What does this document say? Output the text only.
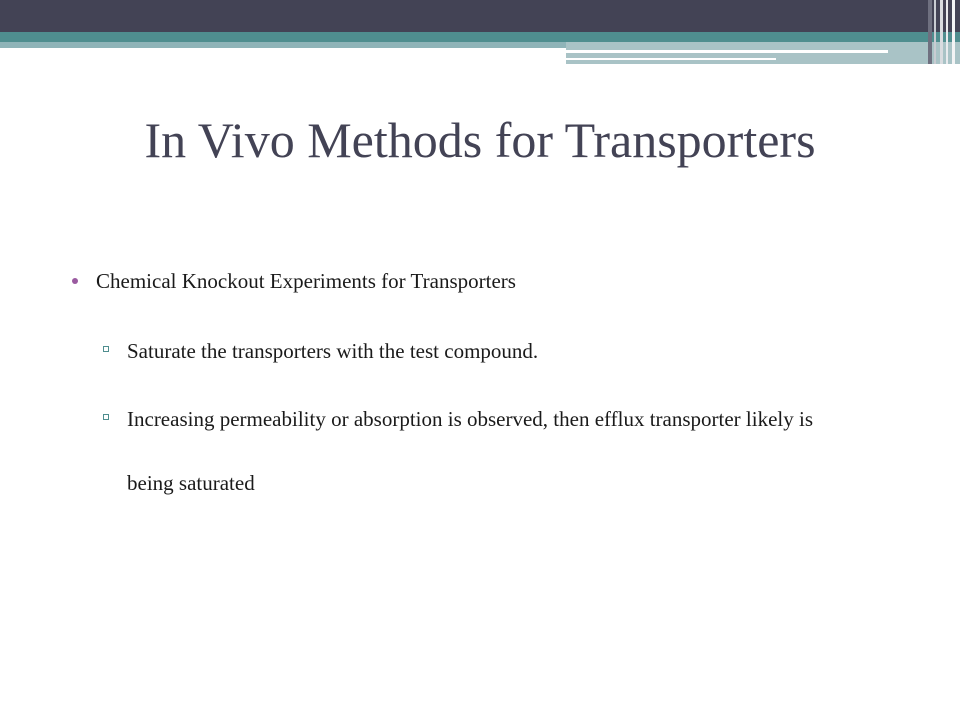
In Vivo Methods for Transporters
Chemical Knockout Experiments for Transporters
Saturate the transporters with the test compound.
Increasing permeability or absorption is observed, then efflux transporter likely is being saturated
